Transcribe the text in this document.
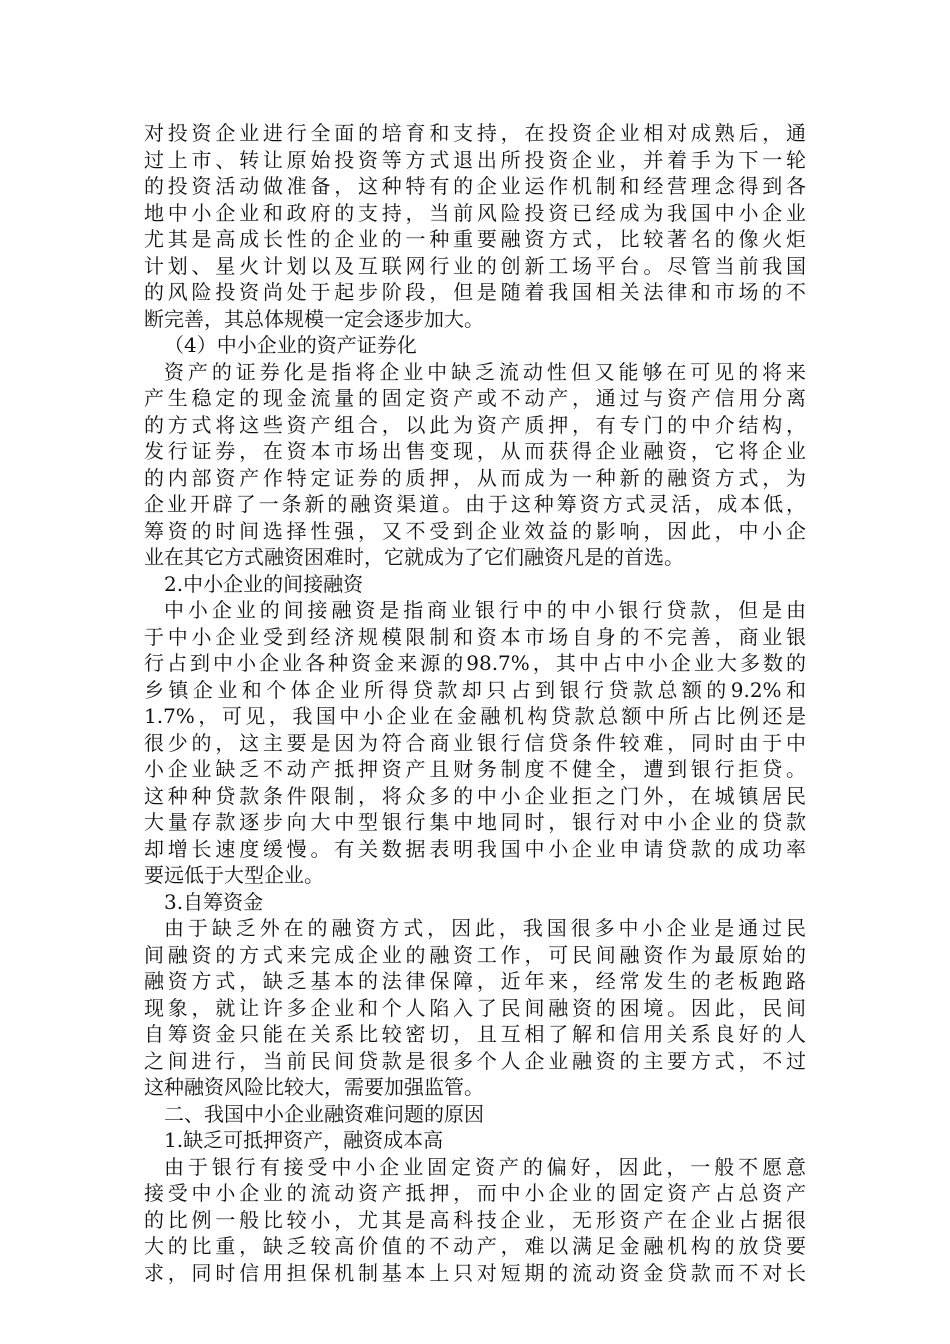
对投资企业进行全面的培育和支持，在投资企业相对成熟后，通
过上市、转让原始投资等方式退出所投资企业，并着手为下一轮
的投资活动做准备，这种特有的企业运作机制和经营理念得到各
地中小企业和政府的支持，当前风险投资已经成为我国中小企业
尤其是高成长性的企业的一种重要融资方式，比较著名的像火炬
计划、星火计划以及互联网行业的创新工场平台。尽管当前我国
的风险投资尚处于起步阶段，但是随着我国相关法律和市场的不
断完善，其总体规模一定会逐步加大。
（4）中小企业的资产证券化
资产的证券化是指将企业中缺乏流动性但又能够在可见的将来
产生稳定的现金流量的固定资产或不动产，通过与资产信用分离
的方式将这些资产组合，以此为资产质押，有专门的中介结构，
发行证券，在资本市场出售变现，从而获得企业融资，它将企业
的内部资产作特定证券的质押，从而成为一种新的融资方式，为
企业开辟了一条新的融资渠道。由于这种筹资方式灵活，成本低，
筹资的时间选择性强，又不受到企业效益的影响，因此，中小企
业在其它方式融资困难时，它就成为了它们融资凡是的首选。
2.中小企业的间接融资
中小企业的间接融资是指商业银行中的中小银行贷款，但是由
于中小企业受到经济规模限制和资本市场自身的不完善，商业银
行占到中小企业各种资金来源的98.7%，其中占中小企业大多数的
乡镇企业和个体企业所得贷款却只占到银行贷款总额的9.2%和
1.7%，可见，我国中小企业在金融机构贷款总额中所占比例还是
很少的，这主要是因为符合商业银行信贷条件较难，同时由于中
小企业缺乏不动产抵押资产且财务制度不健全，遭到银行拒贷。
这种种贷款条件限制，将众多的中小企业拒之门外，在城镇居民
大量存款逐步向大中型银行集中地同时，银行对中小企业的贷款
却增长速度缓慢。有关数据表明我国中小企业申请贷款的成功率
要远低于大型企业。
3.自筹资金
由于缺乏外在的融资方式，因此，我国很多中小企业是通过民
间融资的方式来完成企业的融资工作，可民间融资作为最原始的
融资方式，缺乏基本的法律保障，近年来，经常发生的老板跑路
现象，就让许多企业和个人陷入了民间融资的困境。因此，民间
自筹资金只能在关系比较密切，且互相了解和信用关系良好的人
之间进行，当前民间贷款是很多个人企业融资的主要方式，不过
这种融资风险比较大，需要加强监管。
二、我国中小企业融资难问题的原因
1.缺乏可抵押资产，融资成本高
由于银行有接受中小企业固定资产的偏好，因此，一般不愿意
接受中小企业的流动资产抵押，而中小企业的固定资产占总资产
的比例一般比较小，尤其是高科技企业，无形资产在企业占据很
大的比重，缺乏较高价值的不动产，难以满足金融机构的放贷要
求，同时信用担保机制基本上只对短期的流动资金贷款而不对长
